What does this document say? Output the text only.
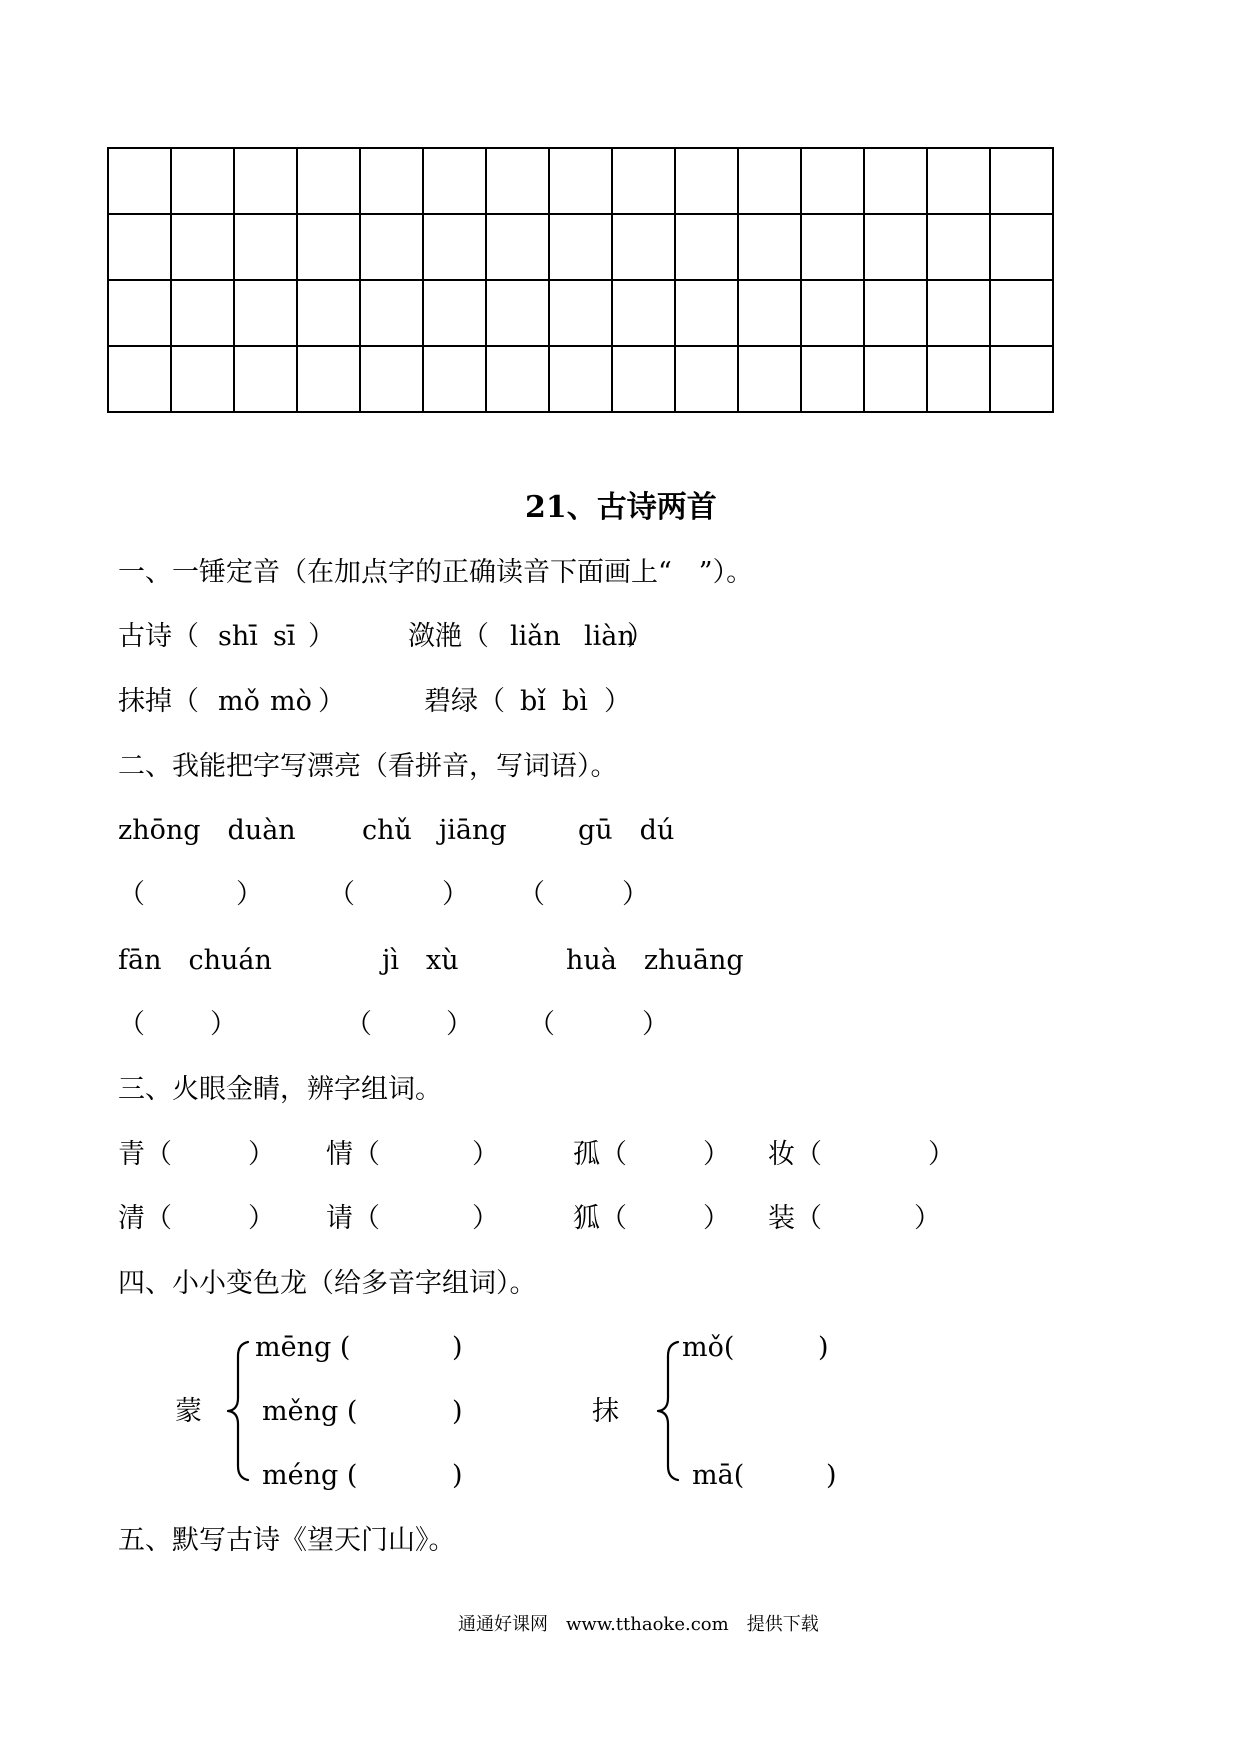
21、古诗两首
一、一锤定音（在加点字的正确读音下面画上“　”）。
古诗（ shī sī ）	潋滟（ liǎn liàn
）
抹掉（ mǒ mò ）	碧绿（ bǐ bì ）
二、我能把字写漂亮（看拼音，写词语）。
zhōng　duàn chǔ　jiāng	gū　dú
（	） （	） （	）
fān　chuán	jì　xù	huà　zhuāng
（ ）	（	） （	）
三、火眼金睛，辨字组词。
青（	） 情（	）	孤（	） 妆（	）
清（	） 请（	）	狐（	） 装（	）
四、小小变色龙（给多音字组词）。
蒙
mēng (	)
měng (	)
méng (	)
抹
mǒ(	)
mā(	)
五、默写古诗《望天门山》。
通通好课网　www.tthaoke.com　提供下载
